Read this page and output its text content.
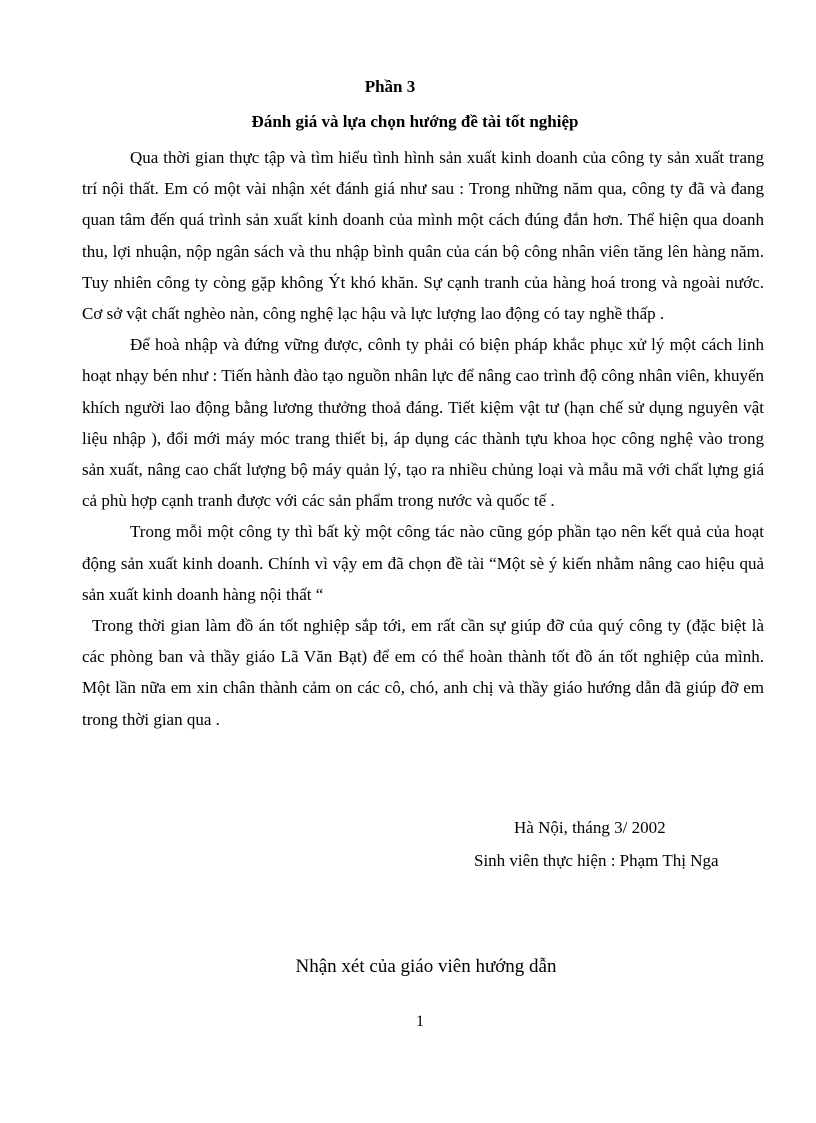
Phần 3
Đánh giá và lựa chọn hướng đề tài tốt nghiệp

Qua thời gian thực tập và tìm hiểu tình hình sản xuất kinh doanh của công ty sản xuất trang trí nội thất. Em có một vài nhận xét đánh giá như sau : Trong những năm qua, công ty đã và đang quan tâm đến quá trình sản xuất kinh doanh của mình một cách đúng đắn hơn. Thể hiện qua doanh thu, lợi nhuận, nộp ngân sách và thu nhập bình quân của cán bộ công nhân viên tăng lên hàng năm. Tuy nhiên công ty còng gặp không Ýt khó khăn. Sự cạnh tranh của hàng hoá trong và ngoài nước. Cơ sở vật chất nghèo nàn, công nghệ lạc hậu và lực lượng lao động có tay nghề thấp .

Để hoà nhập và đứng vững được, cônh ty phải có biện pháp khắc phục xử lý một cách linh hoạt nhạy bén như : Tiến hành đào tạo nguồn nhân lực để nâng cao trình độ công nhân viên, khuyến khích người lao động bằng lương thưởng thoả đáng. Tiết kiệm vật tư (hạn chế sử dụng nguyên vật liệu nhập ), đổi mới máy móc trang thiết bị, áp dụng các thành tựu khoa học công nghệ vào trong sản xuất, nâng cao chất lượng bộ máy quản lý, tạo ra nhiều chủng loại và mẫu mã với chất lựng giá cả phù hợp cạnh tranh được với các sản phẩm trong nước và quốc tế .

Trong mỗi một công ty thì bất kỳ một công tác nào cũng góp phần tạo nên kết quả của hoạt động sản xuất kinh doanh. Chính vì vậy em đã chọn đề tài “Một sè ý kiến nhằm nâng cao hiệu quả sản xuất kinh doanh hàng nội thất “

Trong thời gian làm đồ án tốt nghiệp sắp tới, em rất cần sự giúp đỡ của quý công ty (đặc biệt là các phòng ban và thầy giáo Lã Văn Bạt) để em có thể hoàn thành tốt đồ án tốt nghiệp của mình. Một lần nữa em xin chân thành cảm on các cô, chó, anh chị và thầy giáo hướng dẫn đã giúp đỡ em trong thời gian qua .

Hà Nội, tháng 3/ 2002
Sinh viên thực hiện : Phạm Thị Nga
Nhận xét của giáo viên hướng dẫn
1
